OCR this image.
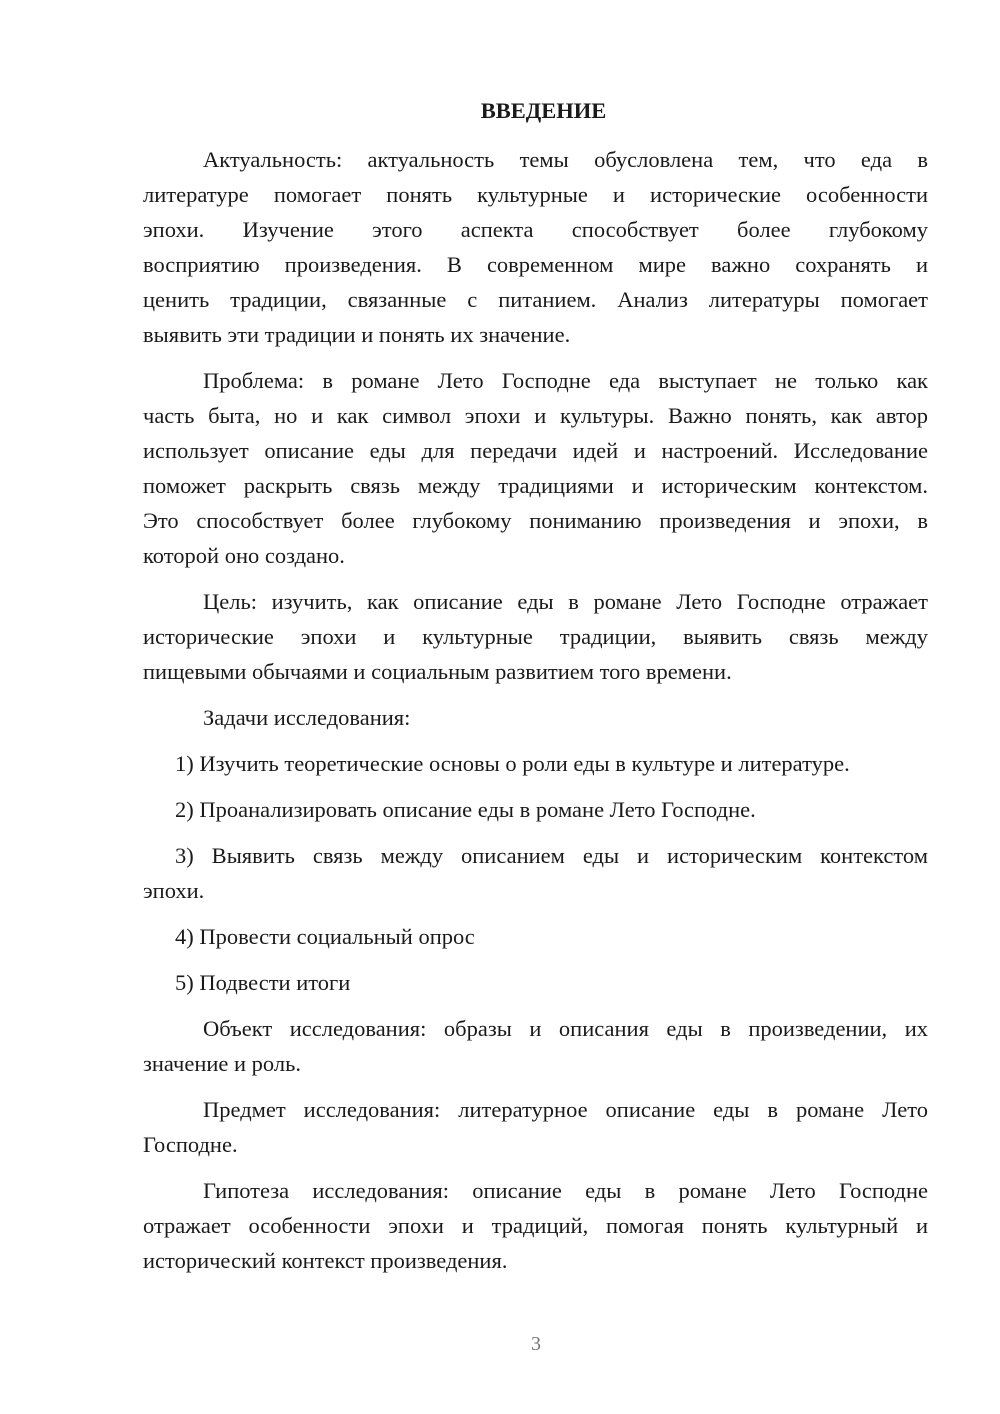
ВВЕДЕНИЕ
Актуальность: актуальность темы обусловлена тем, что еда в
литературе помогает понять культурные и исторические особенности
эпохи. Изучение этого аспекта способствует более глубокому
восприятию произведения. В современном мире важно сохранять и
ценить традиции, связанные с питанием. Анализ литературы помогает
выявить эти традиции и понять их значение.
Проблема: в романе Лето Господне еда выступает не только как
часть быта, но и как символ эпохи и культуры. Важно понять, как автор
использует описание еды для передачи идей и настроений. Исследование
поможет раскрыть связь между традициями и историческим контекстом.
Это способствует более глубокому пониманию произведения и эпохи, в
которой оно создано.
Цель: изучить, как описание еды в романе Лето Господне отражает
исторические эпохи и культурные традиции, выявить связь между
пищевыми обычаями и социальным развитием того времени.
Задачи исследования:
1) Изучить теоретические основы о роли еды в культуре и литературе.
2) Проанализировать описание еды в романе Лето Господне.
3) Выявить связь между описанием еды и историческим контекстом
эпохи.
4) Провести социальный опрос
5) Подвести итоги
Объект исследования: образы и описания еды в произведении, их
значение и роль.
Предмет исследования: литературное описание еды в романе Лето
Господне.
Гипотеза исследования: описание еды в романе Лето Господне
отражает особенности эпохи и традиций, помогая понять культурный и
исторический контекст произведения.
3
